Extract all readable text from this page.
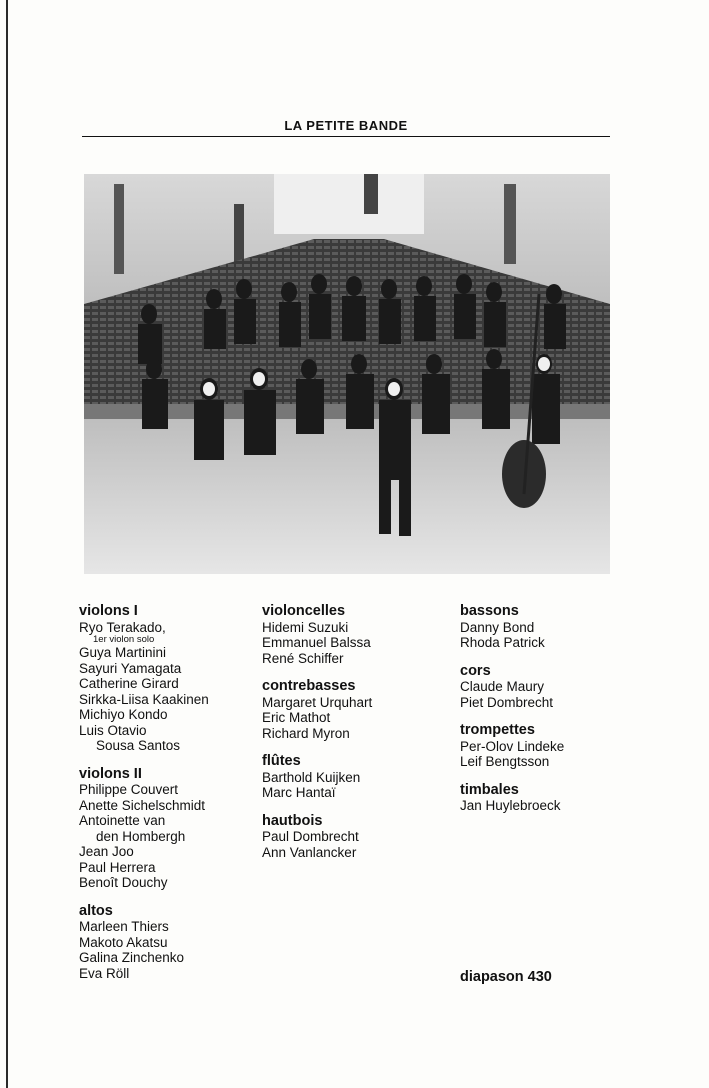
LA PETITE BANDE
violons I
Ryo Terakado,
1er violon solo
Guya Martinini
Sayuri Yamagata
Catherine Girard
Sirkka-Liisa Kaakinen
Michiyo Kondo
Luis Otavio
Sousa Santos
violons II
Philippe Couvert
Anette Sichelschmidt
Antoinette van
den Hombergh
Jean Joo
Paul Herrera
Benoît Douchy
altos
Marleen Thiers
Makoto Akatsu
Galina Zinchenko
Eva Röll
violoncelles
Hidemi Suzuki
Emmanuel Balssa
René Schiffer
contrebasses
Margaret Urquhart
Eric Mathot
Richard Myron
flûtes
Barthold Kuijken
Marc Hantaï
hautbois
Paul Dombrecht
Ann Vanlancker
bassons
Danny Bond
Rhoda Patrick
cors
Claude Maury
Piet Dombrecht
trompettes
Per-Olov Lindeke
Leif Bengtsson
timbales
Jan Huylebroeck
diapason 430
